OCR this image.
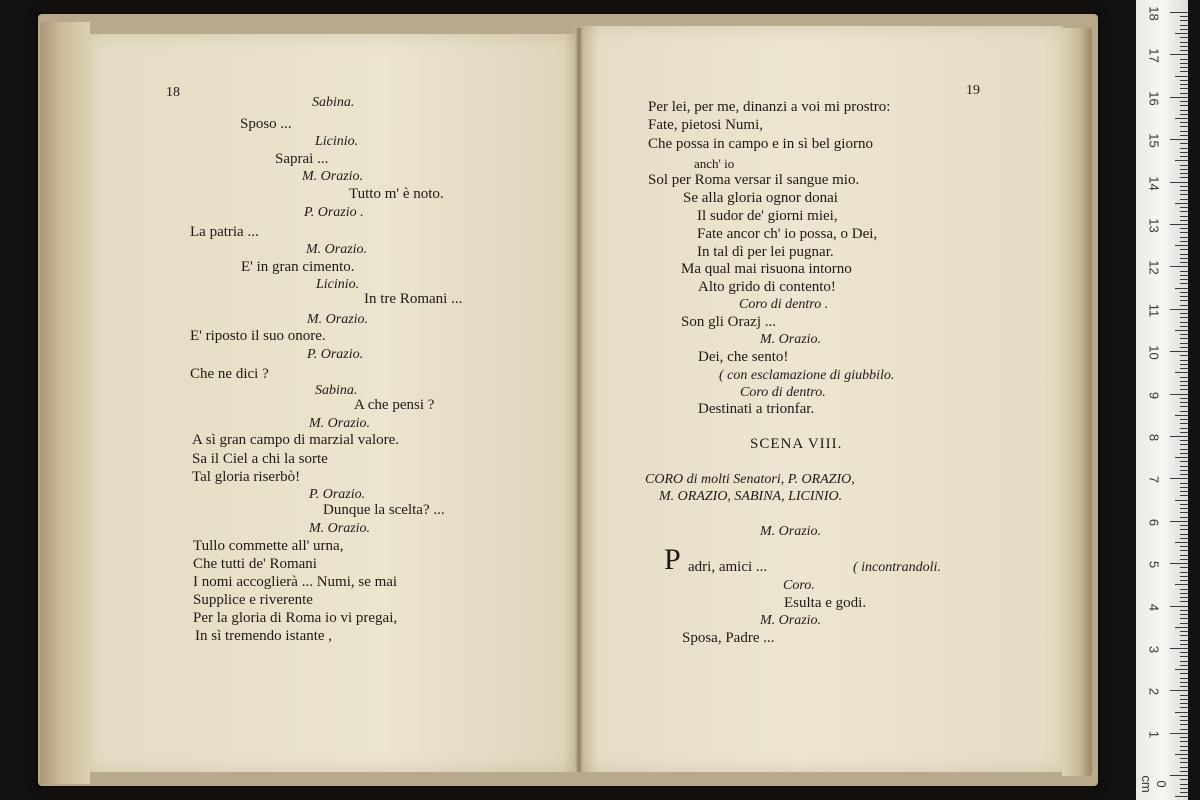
18	19
Sabina.
Sposo ...
Licinio.
Saprai ...
M. Orazio.
Tutto m' è noto.
P. Orazio .
La patria ...
M. Orazio.
E' in gran cimento.
Licinio.
In tre Romani ...
M. Orazio.
E' riposto il suo onore.
P. Orazio.
Che ne dici ?
Sabina.
A che pensi ?
M. Orazio.
A sì gran campo di marzial valore.
Sa il Ciel a chi la sorte
Tal gloria riserbò!
P. Orazio.
Dunque la scelta? ...
M. Orazio.
Tullo commette all' urna,
Che tutti de' Romani
I nomi accoglierà ... Numi, se mai
Supplice e riverente
Per la gloria di Roma io vi pregai,
In sì tremendo istante ,
Per lei, per me, dinanzi a voi mi prostro:
Fate, pietosi Numi,
Che possa in campo e in sì bel giorno
anch' io
Sol per Roma versar il sangue mio.
Se alla gloria ognor donai
Il sudor de' giorni miei,
Fate ancor ch' io possa, o Dei,
In tal dì per lei pugnar.
Ma qual mai risuona intorno
Alto grido di contento!
Coro di dentro .
Son gli Orazj ...
M. Orazio.
Dei, che sento!
( con esclamazione di giubbilo.
Coro di dentro.
Destinati a trionfar.
SCENA VIII.
CORO di molti Senatori, P. ORAZIO,
M. ORAZIO, SABINA, LICINIO.
M. Orazio.
adri, amici ...	( incontrandoli.
Coro.
Esulta e godi.
M. Orazio.
Sposa, Padre ...
P
18
17
16
15
14
13
12
11
10
9
8
7
6
5
4
3
2
1
0 cm
